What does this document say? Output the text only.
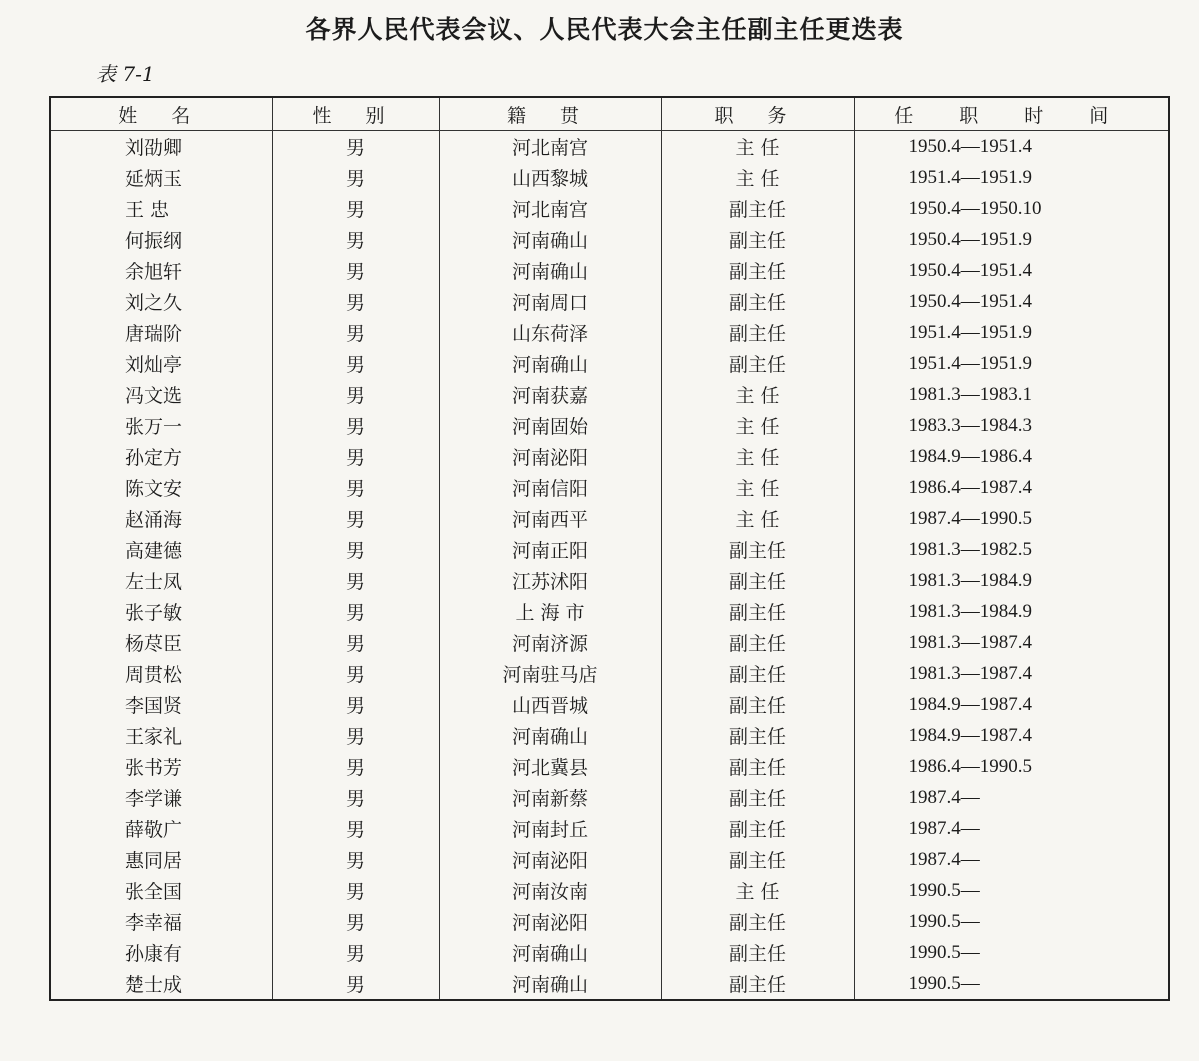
各界人民代表会议、人民代表大会主任副主任更迭表
表 7-1
姓 名	性 别	籍 贯	职 务	任 职 时 间
刘劭卿	男	河北南宫	主 任	1950.4—1951.4
延炳玉	男	山西黎城	主 任	1951.4—1951.9
王 忠	男	河北南宫	副主任	1950.4—1950.10
何振纲	男	河南确山	副主任	1950.4—1951.9
余旭轩	男	河南确山	副主任	1950.4—1951.4
刘之久	男	河南周口	副主任	1950.4—1951.4
唐瑞阶	男	山东荷泽	副主任	1951.4—1951.9
刘灿亭	男	河南确山	副主任	1951.4—1951.9
冯文选	男	河南获嘉	主 任	1981.3—1983.1
张万一	男	河南固始	主 任	1983.3—1984.3
孙定方	男	河南泌阳	主 任	1984.9—1986.4
陈文安	男	河南信阳	主 任	1986.4—1987.4
赵涌海	男	河南西平	主 任	1987.4—1990.5
高建德	男	河南正阳	副主任	1981.3—1982.5
左士凤	男	江苏沭阳	副主任	1981.3—1984.9
张子敏	男	上 海 市	副主任	1981.3—1984.9
杨荩臣	男	河南济源	副主任	1981.3—1987.4
周贯松	男	河南驻马店	副主任	1981.3—1987.4
李国贤	男	山西晋城	副主任	1984.9—1987.4
王家礼	男	河南确山	副主任	1984.9—1987.4
张书芳	男	河北冀县	副主任	1986.4—1990.5
李学谦	男	河南新蔡	副主任	1987.4—
薛敬广	男	河南封丘	副主任	1987.4—
惠同居	男	河南泌阳	副主任	1987.4—
张全国	男	河南汝南	主 任	1990.5—
李幸福	男	河南泌阳	副主任	1990.5—
孙康有	男	河南确山	副主任	1990.5—
楚士成	男	河南确山	副主任	1990.5—
